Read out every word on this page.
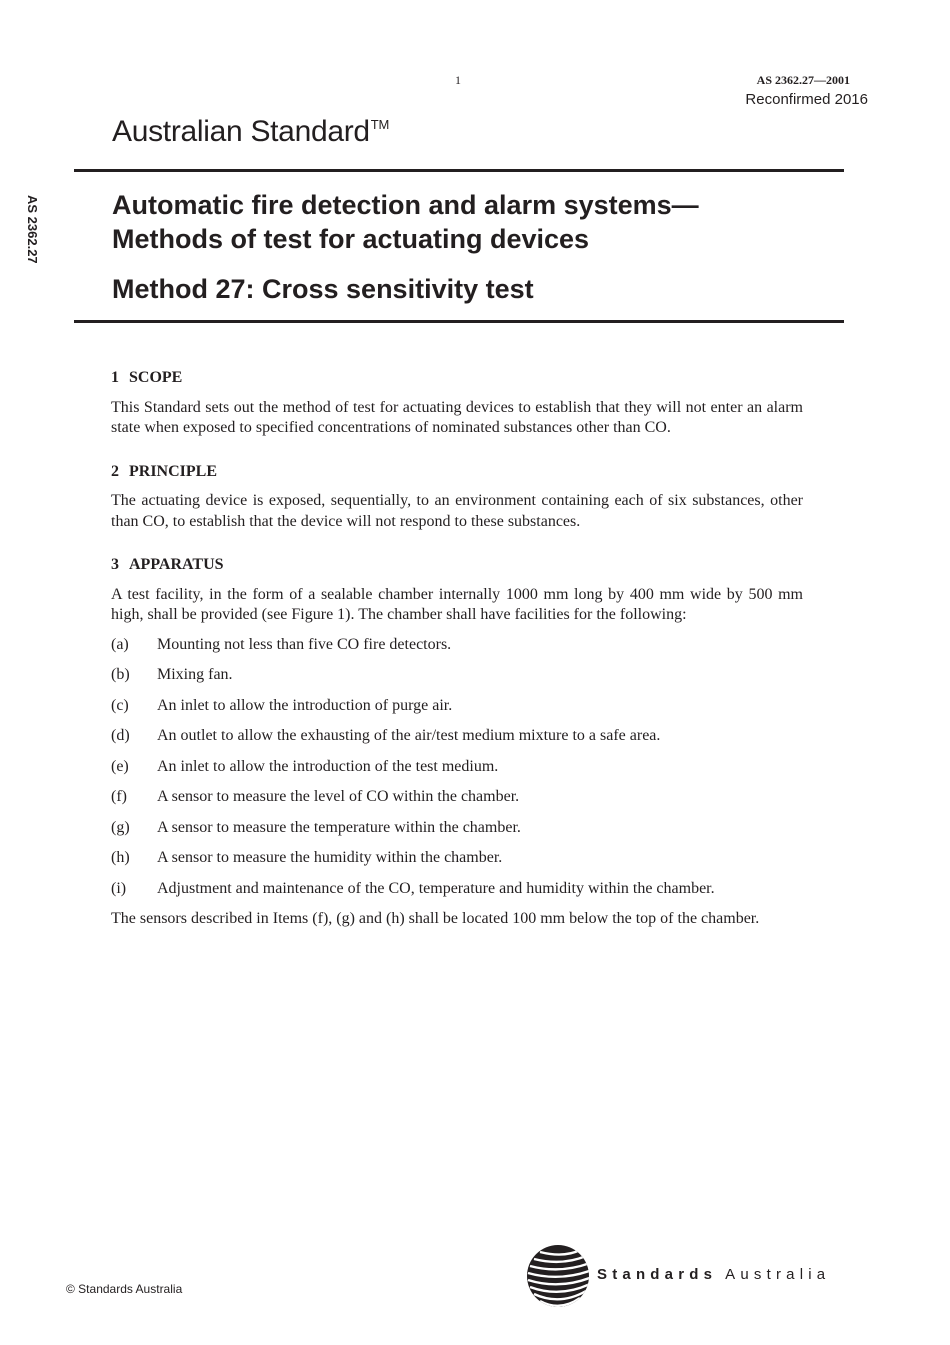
1	AS 2362.27—2001
Reconfirmed 2016
Australian Standard™
AS 2362.27	Automatic fire detection and alarm systems—
Methods of test for actuating devices
Method 27: Cross sensitivity test
1 SCOPE

This Standard sets out the method of test for actuating devices to establish that they will not enter an alarm state when exposed to specified concentrations of nominated substances other than CO.

2 PRINCIPLE

The actuating device is exposed, sequentially, to an environment containing each of six substances, other than CO, to establish that the device will not respond to these substances.

3 APPARATUS

A test facility, in the form of a sealable chamber internally 1000 mm long by 400 mm wide by 500 mm high, shall be provided (see Figure 1). The chamber shall have facilities for the following:

(a)	Mounting not less than five CO fire detectors.
(b)	Mixing fan.
(c)	An inlet to allow the introduction of purge air.
(d)	An outlet to allow the exhausting of the air/test medium mixture to a safe area.
(e)	An inlet to allow the introduction of the test medium.
(f)	A sensor to measure the level of CO within the chamber.
(g)	A sensor to measure the temperature within the chamber.
(h)	A sensor to measure the humidity within the chamber.
(i)	Adjustment and maintenance of the CO, temperature and humidity within the chamber.

The sensors described in Items (f), (g) and (h) shall be located 100 mm below the top of the chamber.

© Standards Australia
Standards Australia
